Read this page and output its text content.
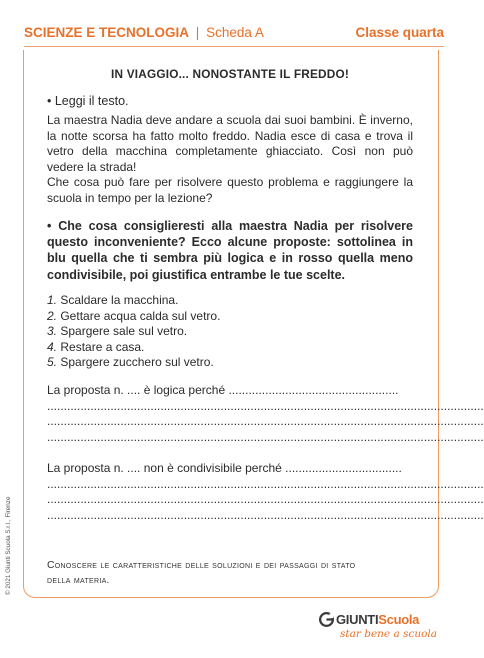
SCIENZE E TECNOLOGIA | Scheda A	Classe quarta
IN VIAGGIO... NONOSTANTE IL FREDDO!
• Leggi il testo.

La maestra Nadia deve andare a scuola dai suoi bambini. È inverno, la notte scorsa ha fatto molto freddo. Nadia esce di casa e trova il vetro della macchina completamente ghiacciato. Così non può vedere la strada!

Che cosa può fare per risolvere questo problema e raggiungere la scuola in tempo per la lezione?

• Che cosa consiglieresti alla maestra Nadia per risolvere questo inconveniente? Ecco alcune proposte: sottolinea in blu quella che ti sembra più logica e in rosso quella meno condivisibile, poi giustifica entrambe le tue scelte.
1. Scaldare la macchina.
2. Gettare acqua calda sul vetro.
3. Spargere sale sul vetro.
4. Restare a casa.
5. Spargere zucchero sul vetro.
La proposta n. .... è logica perché ...................................................
...................................................................................................................................
...................................................................................................................................
...................................................................................................................................
La proposta n. .... non è condivisibile perché ...................................
...................................................................................................................................
...................................................................................................................................
...................................................................................................................................
Conoscere le caratteristiche delle soluzioni e dei passaggi di stato della materia.
© 2021 Giunti Scuola S.r.l., Firenze
GIUNTIScuola
star bene a scuola
